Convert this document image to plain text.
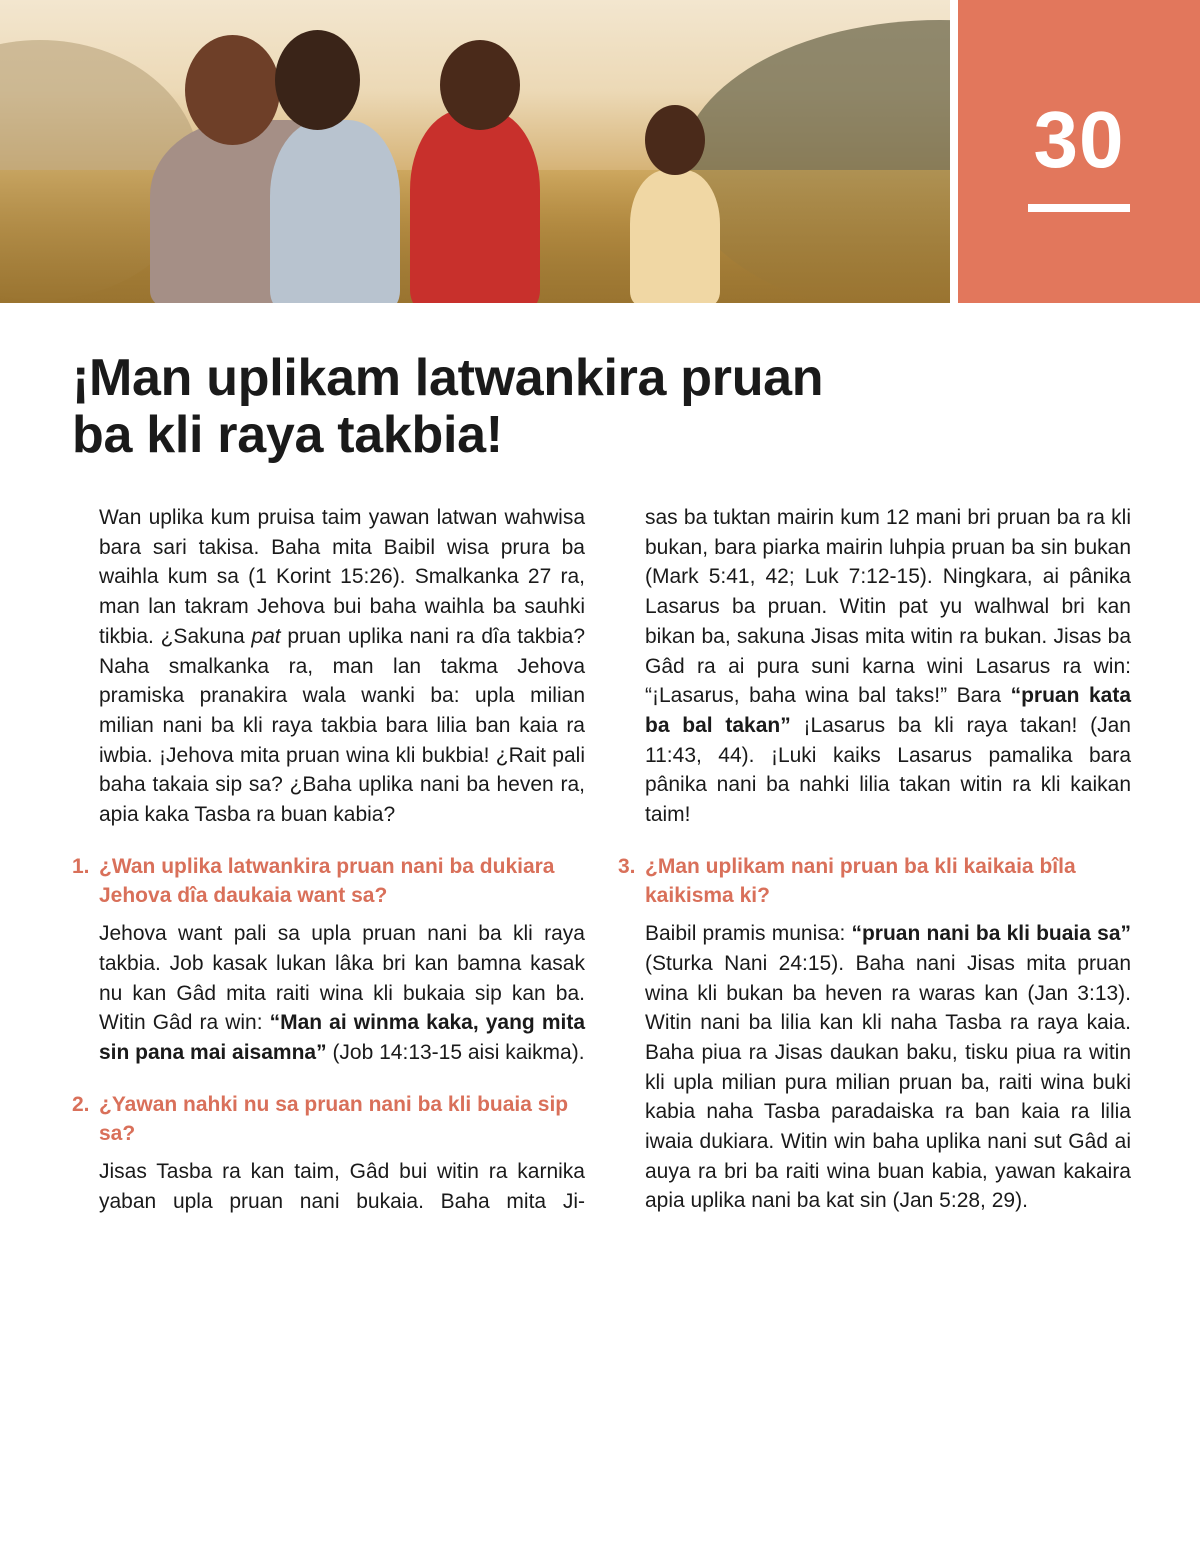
30
¡Man uplikam latwankira pruan ba kli raya takbia!

Wan uplika kum pruisa taim yawan latwan wahwisa bara sari takisa. Baha mita Baibil wisa prura ba waihla kum sa (1 Korint 15:26). Smalkanka 27 ra, man lan takram Jehova bui baha waihla ba sauhki tikbia. ¿Sakuna pat pruan uplika nani ra dîa takbia? Naha smalkanka ra, man lan takma Jehova pramiska pranakira wala wanki ba: upla milian milian nani ba kli raya takbia bara lilia ban kaia ra iwbia. ¡Jehova mita pruan wina kli bukbia! ¿Rait pali baha takaia sip sa? ¿Baha uplika nani ba heven ra, apia kaka Tasba ra buan kabia?

1. ¿Wan uplika latwankira pruan nani ba dukiara Jehova dîa daukaia want sa?

Jehova want pali sa upla pruan nani ba kli raya takbia. Job kasak lukan lâka bri kan bamna kasak nu kan Gâd mita raiti wina kli bukaia sip kan ba. Witin Gâd ra win: “Man ai winma kaka, yang mita sin pana mai aisamna” (Job 14:13-15 aisi kaikma).

2. ¿Yawan nahki nu sa pruan nani ba kli buaia sip sa?

Jisas Tasba ra kan taim, Gâd bui witin ra karnika yaban upla pruan nani bukaia. Baha mita Ji-

sas ba tuktan mairin kum 12 mani bri pruan ba ra kli bukan, bara piarka mairin luhpia pruan ba sin bukan (Mark 5:41, 42; Luk 7:12-15). Ningkara, ai pânika Lasarus ba pruan. Witin pat yu walhwal bri kan bikan ba, sakuna Jisas mita witin ra bukan. Jisas ba Gâd ra ai pura suni karna wini Lasarus ra win: “¡Lasarus, baha wina bal taks!” Bara “pruan kata ba bal takan” ¡Lasarus ba kli raya takan! (Jan 11:43, 44). ¡Luki kaiks Lasarus pamalika bara pânika nani ba nahki lilia takan witin ra kli kaikan taim!

3. ¿Man uplikam nani pruan ba kli kaikaia bîla kaikisma ki?

Baibil pramis munisa: “pruan nani ba kli buaia sa” (Sturka Nani 24:15). Baha nani Jisas mita pruan wina kli bukan ba heven ra waras kan (Jan 3:13). Witin nani ba lilia kan kli naha Tasba ra raya kaia. Baha piua ra Jisas daukan baku, tisku piua ra witin kli upla milian pura milian pruan ba, raiti wina buki kabia naha Tasba paradaiska ra ban kaia ra lilia iwaia dukiara. Witin win baha uplika nani sut Gâd ai auya ra bri ba raiti wina buan kabia, yawan kakaira apia uplika nani ba kat sin (Jan 5:28, 29).
